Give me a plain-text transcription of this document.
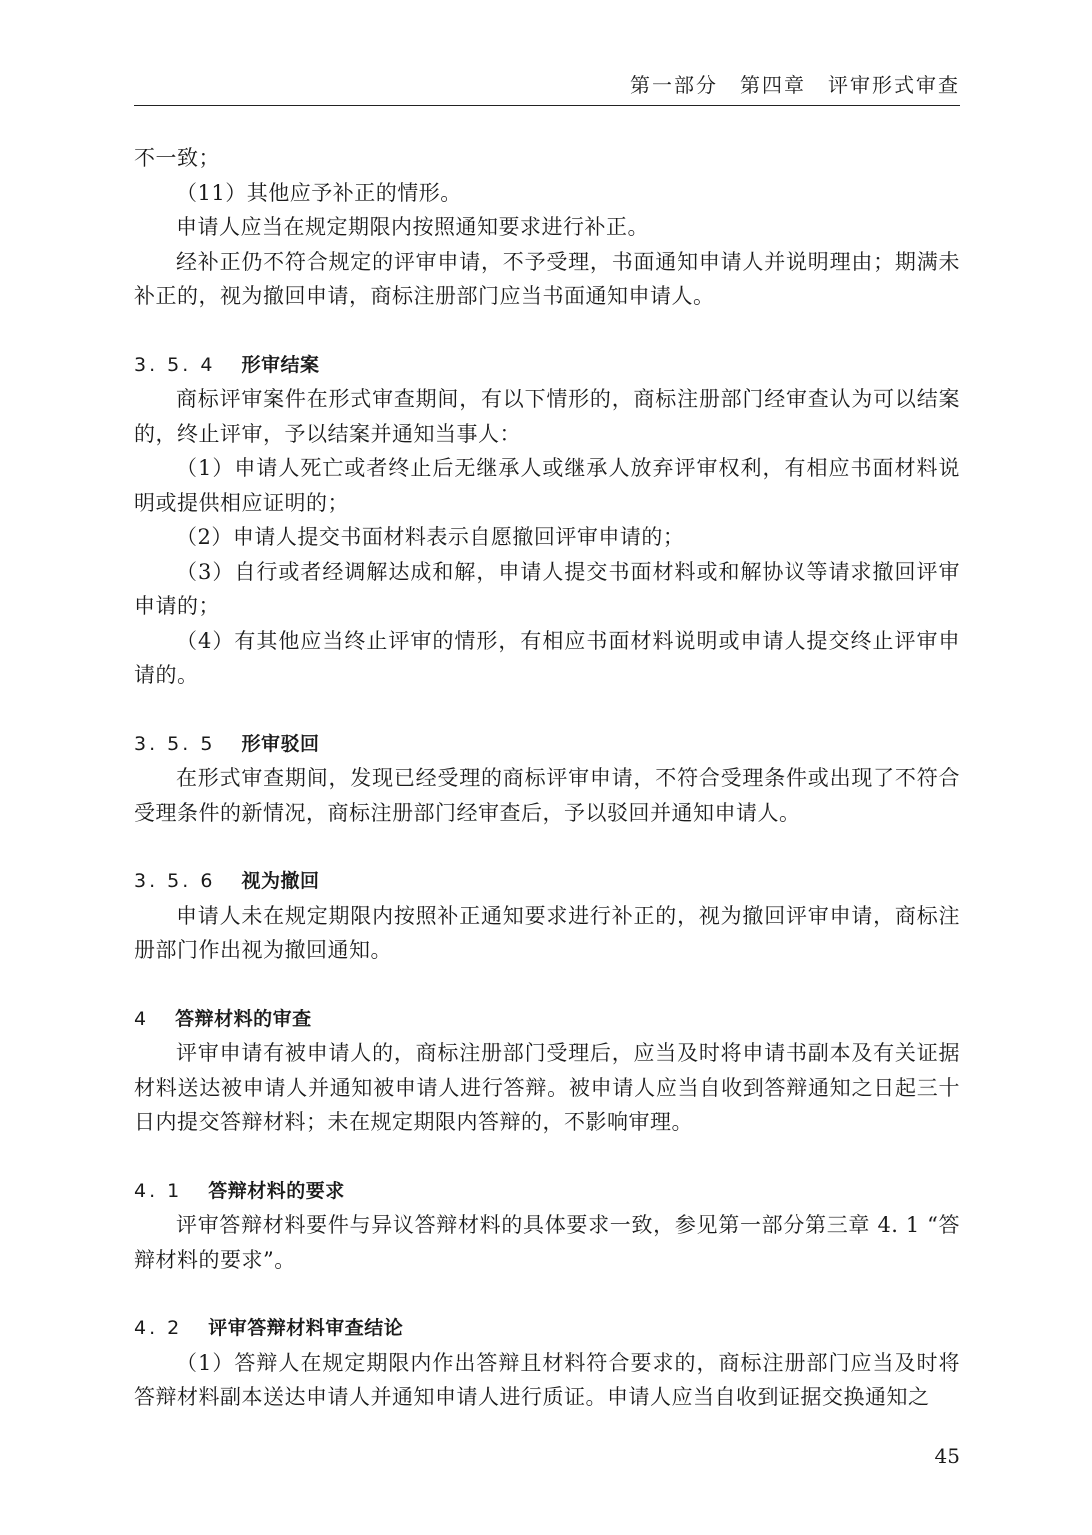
第一部分　第四章　评审形式审查

不一致；

（11）其他应予补正的情形。

申请人应当在规定期限内按照通知要求进行补正。

经补正仍不符合规定的评审申请，不予受理，书面通知申请人并说明理由；期满未补正的，视为撤回申请，商标注册部门应当书面通知申请人。

3. 5. 4 形审结案

商标评审案件在形式审查期间，有以下情形的，商标注册部门经审查认为可以结案的，终止评审，予以结案并通知当事人：

（1）申请人死亡或者终止后无继承人或继承人放弃评审权利，有相应书面材料说明或提供相应证明的；

（2）申请人提交书面材料表示自愿撤回评审申请的；

（3）自行或者经调解达成和解，申请人提交书面材料或和解协议等请求撤回评审申请的；

（4）有其他应当终止评审的情形，有相应书面材料说明或申请人提交终止评审申请的。

3. 5. 5 形审驳回

在形式审查期间，发现已经受理的商标评审申请，不符合受理条件或出现了不符合受理条件的新情况，商标注册部门经审查后，予以驳回并通知申请人。

3. 5. 6 视为撤回

申请人未在规定期限内按照补正通知要求进行补正的，视为撤回评审申请，商标注册部门作出视为撤回通知。

4 答辩材料的审查

评审申请有被申请人的，商标注册部门受理后，应当及时将申请书副本及有关证据材料送达被申请人并通知被申请人进行答辩。被申请人应当自收到答辩通知之日起三十日内提交答辩材料；未在规定期限内答辩的，不影响审理。

4. 1 答辩材料的要求

评审答辩材料要件与异议答辩材料的具体要求一致，参见第一部分第三章 4. 1 “答辩材料的要求”。

4. 2 评审答辩材料审查结论

（1）答辩人在规定期限内作出答辩且材料符合要求的，商标注册部门应当及时将答辩材料副本送达申请人并通知申请人进行质证。申请人应当自收到证据交换通知之

45
